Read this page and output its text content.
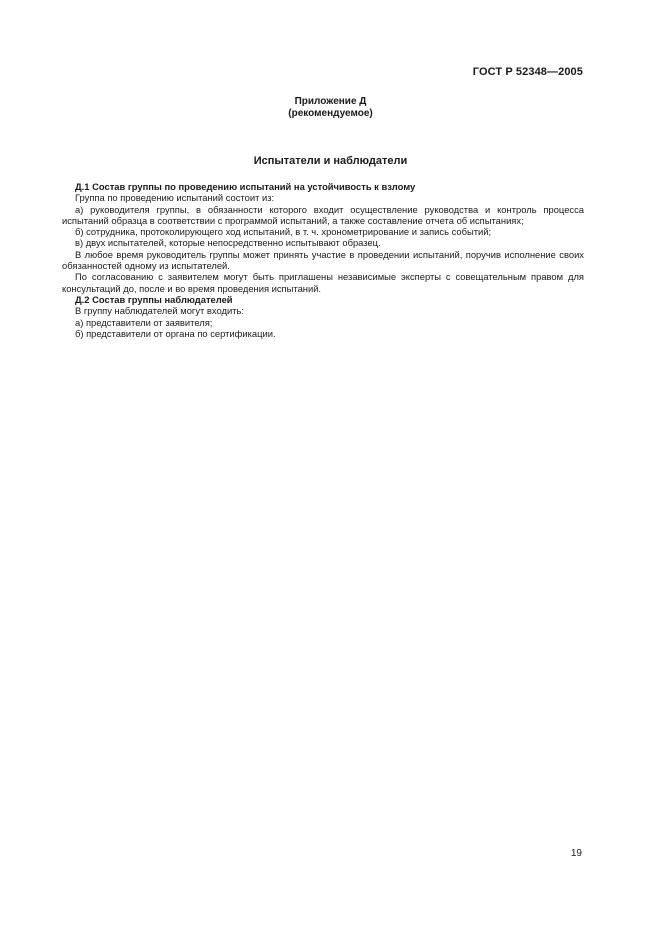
ГОСТ Р 52348—2005
Приложение Д
(рекомендуемое)
Испытатели и наблюдатели

Д.1 Состав группы по проведению испытаний на устойчивость к взлому

Группа по проведению испытаний состоит из:

а) руководителя группы, в обязанности которого входит осуществление руководства и контроль процесса испытаний образца в соответствии с программой испытаний, а также составление отчета об испытаниях;

б) сотрудника, протоколирующего ход испытаний, в т. ч. хронометрирование и запись событий;

в) двух испытателей, которые непосредственно испытывают образец.

В любое время руководитель группы может принять участие в проведении испытаний, поручив исполнение своих обязанностей одному из испытателей.

По согласованию с заявителем могут быть приглашены независимые эксперты с совещательным правом для консультаций до, после и во время проведения испытаний.

Д.2 Состав группы наблюдателей

В группу наблюдателей могут входить:

а) представители от заявителя;

б) представители от органа по сертификации.

19
